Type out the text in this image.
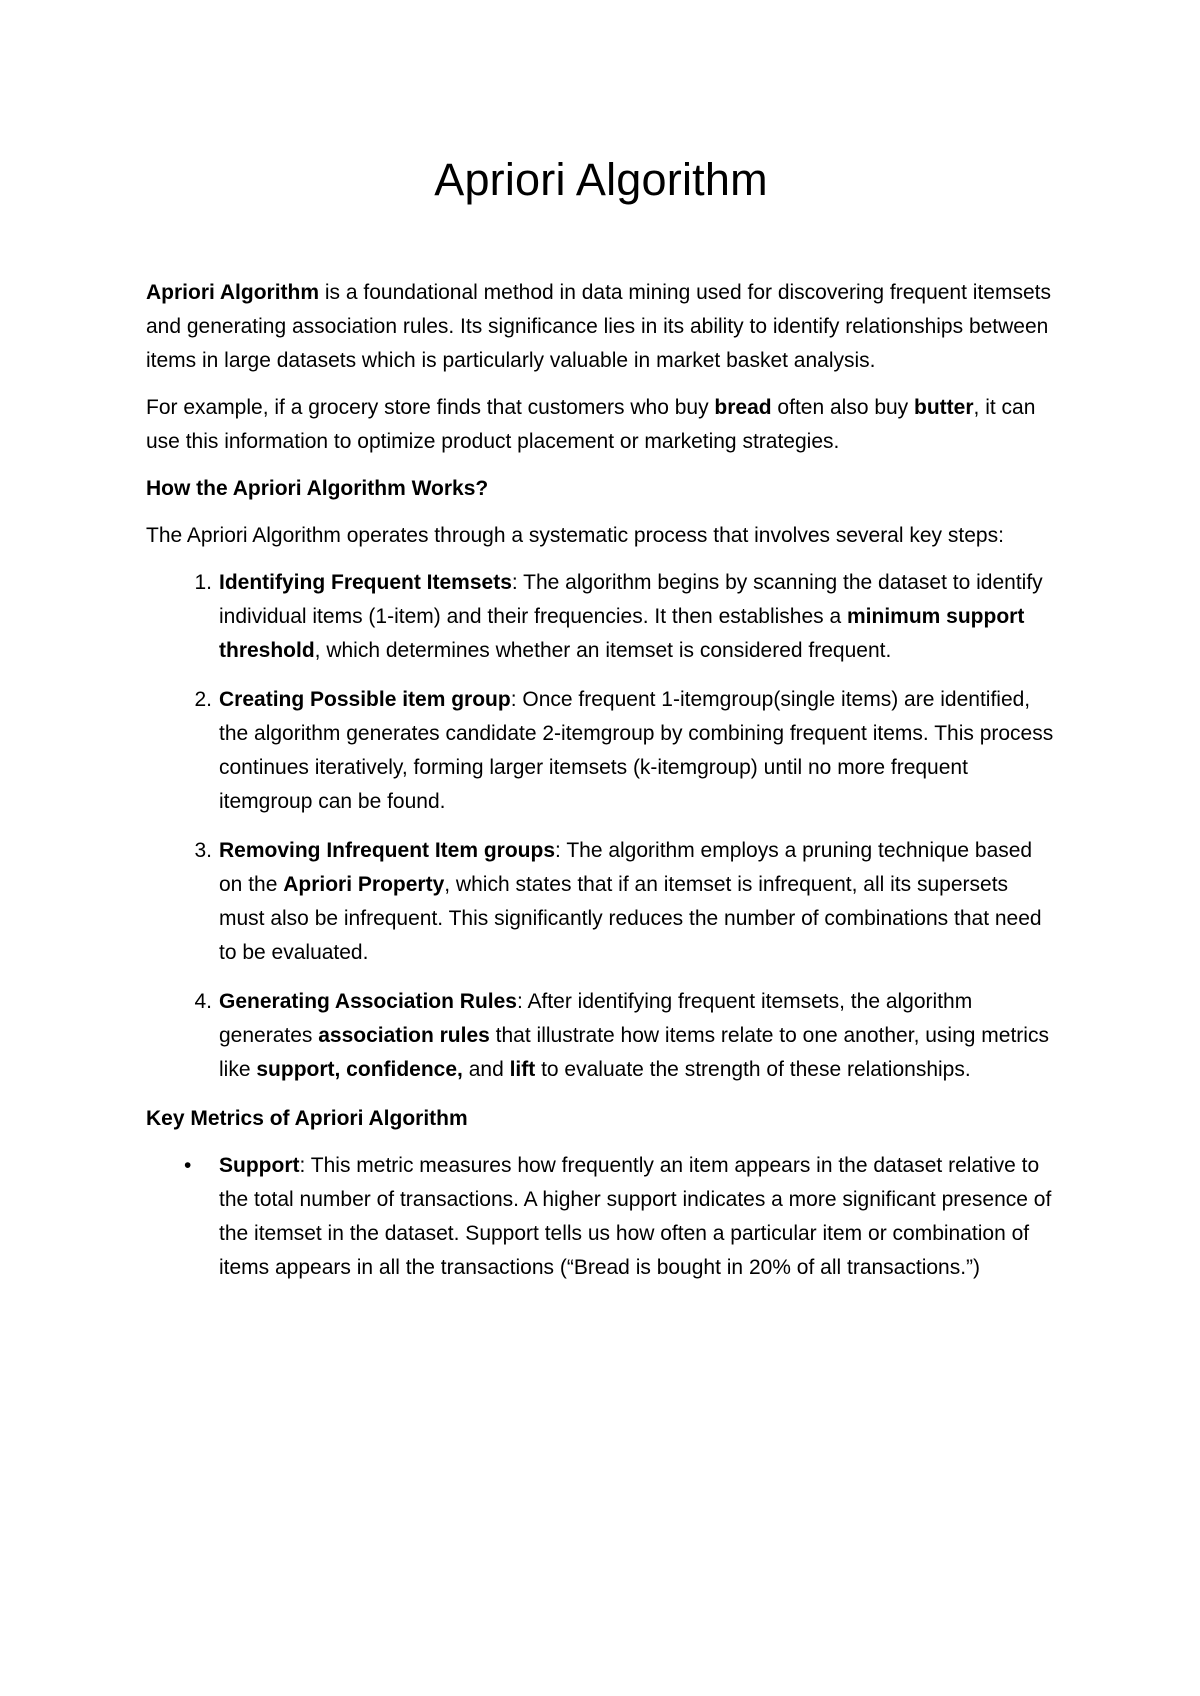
Apriori Algorithm

Apriori Algorithm is a foundational method in data mining used for discovering frequent itemsets and generating association rules. Its significance lies in its ability to identify relationships between items in large datasets which is particularly valuable in market basket analysis.

For example, if a grocery store finds that customers who buy bread often also buy butter, it can use this information to optimize product placement or marketing strategies.

How the Apriori Algorithm Works?

The Apriori Algorithm operates through a systematic process that involves several key steps:

1. Identifying Frequent Itemsets: The algorithm begins by scanning the dataset to identify individual items (1-item) and their frequencies. It then establishes a minimum support threshold, which determines whether an itemset is considered frequent.
2. Creating Possible item group: Once frequent 1-itemgroup(single items) are identified, the algorithm generates candidate 2-itemgroup by combining frequent items. This process continues iteratively, forming larger itemsets (k-itemgroup) until no more frequent itemgroup can be found.
3. Removing Infrequent Item groups: The algorithm employs a pruning technique based on the Apriori Property, which states that if an itemset is infrequent, all its supersets must also be infrequent. This significantly reduces the number of combinations that need to be evaluated.
4. Generating Association Rules: After identifying frequent itemsets, the algorithm generates association rules that illustrate how items relate to one another, using metrics like support, confidence, and lift to evaluate the strength of these relationships.
Key Metrics of Apriori Algorithm
•	Support: This metric measures how frequently an item appears in the dataset relative to the total number of transactions. A higher support indicates a more significant presence of the itemset in the dataset. Support tells us how often a particular item or combination of items appears in all the transactions (“Bread is bought in 20% of all transactions.”)
